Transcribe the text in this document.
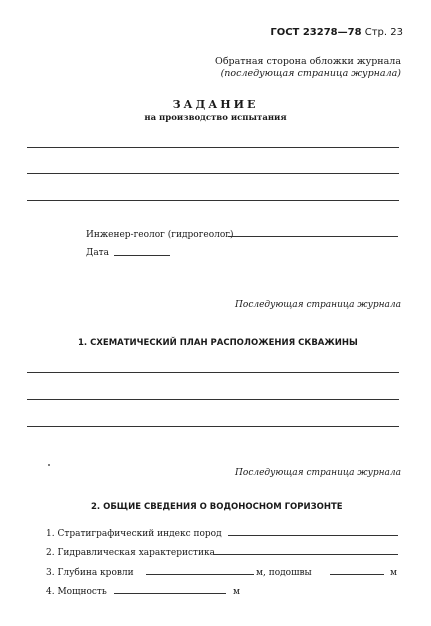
ГОСТ 23278—78 Стр. 23
Обратная сторона обложки журнала
(последующая страница журнала)
ЗАДАНИЕ
на производство испытания
Инженер-геолог (гидрогеолог)
Дата
Последующая страница журнала
1. СХЕМАТИЧЕСКИЙ ПЛАН РАСПОЛОЖЕНИЯ СКВАЖИНЫ
Последующая страница журнала
2. ОБЩИЕ СВЕДЕНИЯ О ВОДОНОСНОМ ГОРИЗОНТЕ
1. Стратиграфический индекс пород
2. Гидравлическая характеристика
3. Глубина кровли	м, подошвы	м
4. Мощность	м
